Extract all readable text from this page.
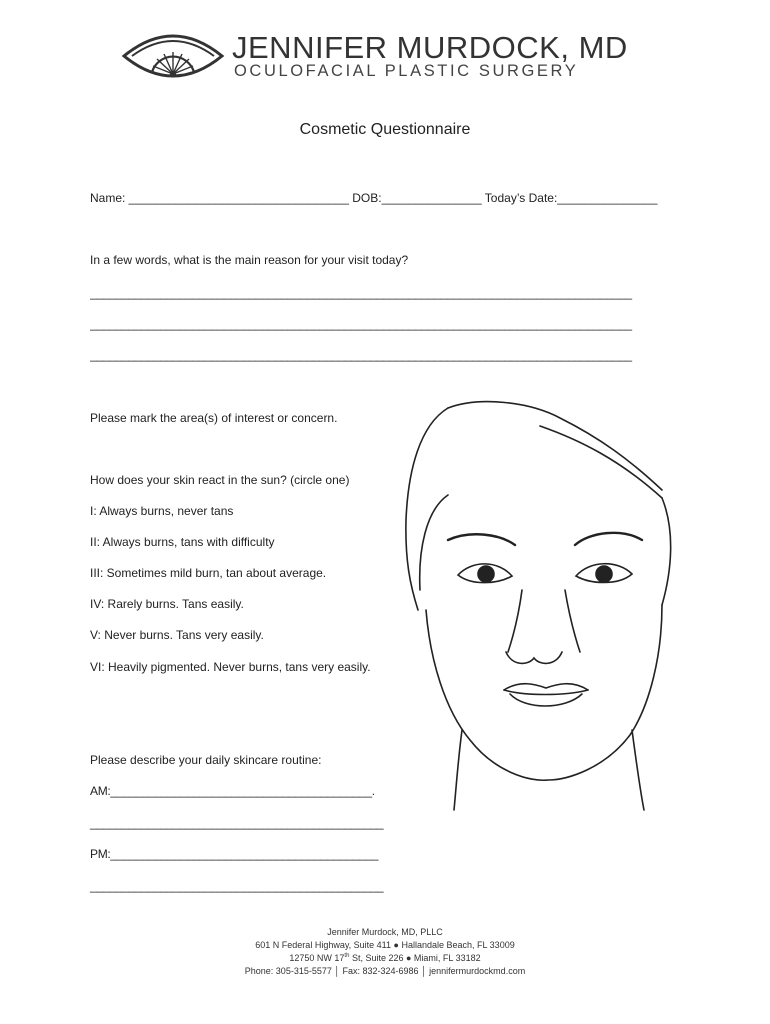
JENNIFER MURDOCK, MD
OCULOFACIAL PLASTIC SURGERY
Cosmetic Questionnaire
Name: _________________________________ DOB:_______________ Today’s Date:_______________
In a few words, what is the main reason for your visit today?
_____________________________________________________________________________________
_____________________________________________________________________________________
_____________________________________________________________________________________
Please mark the area(s) of interest or concern.
How does your skin react in the sun? (circle one)
I: Always burns, never tans
II: Always burns, tans with difficulty
III: Sometimes mild burn, tan about average.
IV: Rarely burns. Tans easily.
V: Never burns. Tans very easily.
VI: Heavily pigmented. Never burns, tans very easily.
Please describe your daily skincare routine:
AM:_________________________________________.
______________________________________________
PM:__________________________________________
______________________________________________
Jennifer Murdock, MD, PLLC
601 N Federal Highway, Suite 411 ● Hallandale Beach, FL 33009
12750 NW 17th St, Suite 226 ● Miami, FL 33182
Phone: 305-315-5577 │ Fax: 832-324-6986 │ jennifermurdockmd.com
